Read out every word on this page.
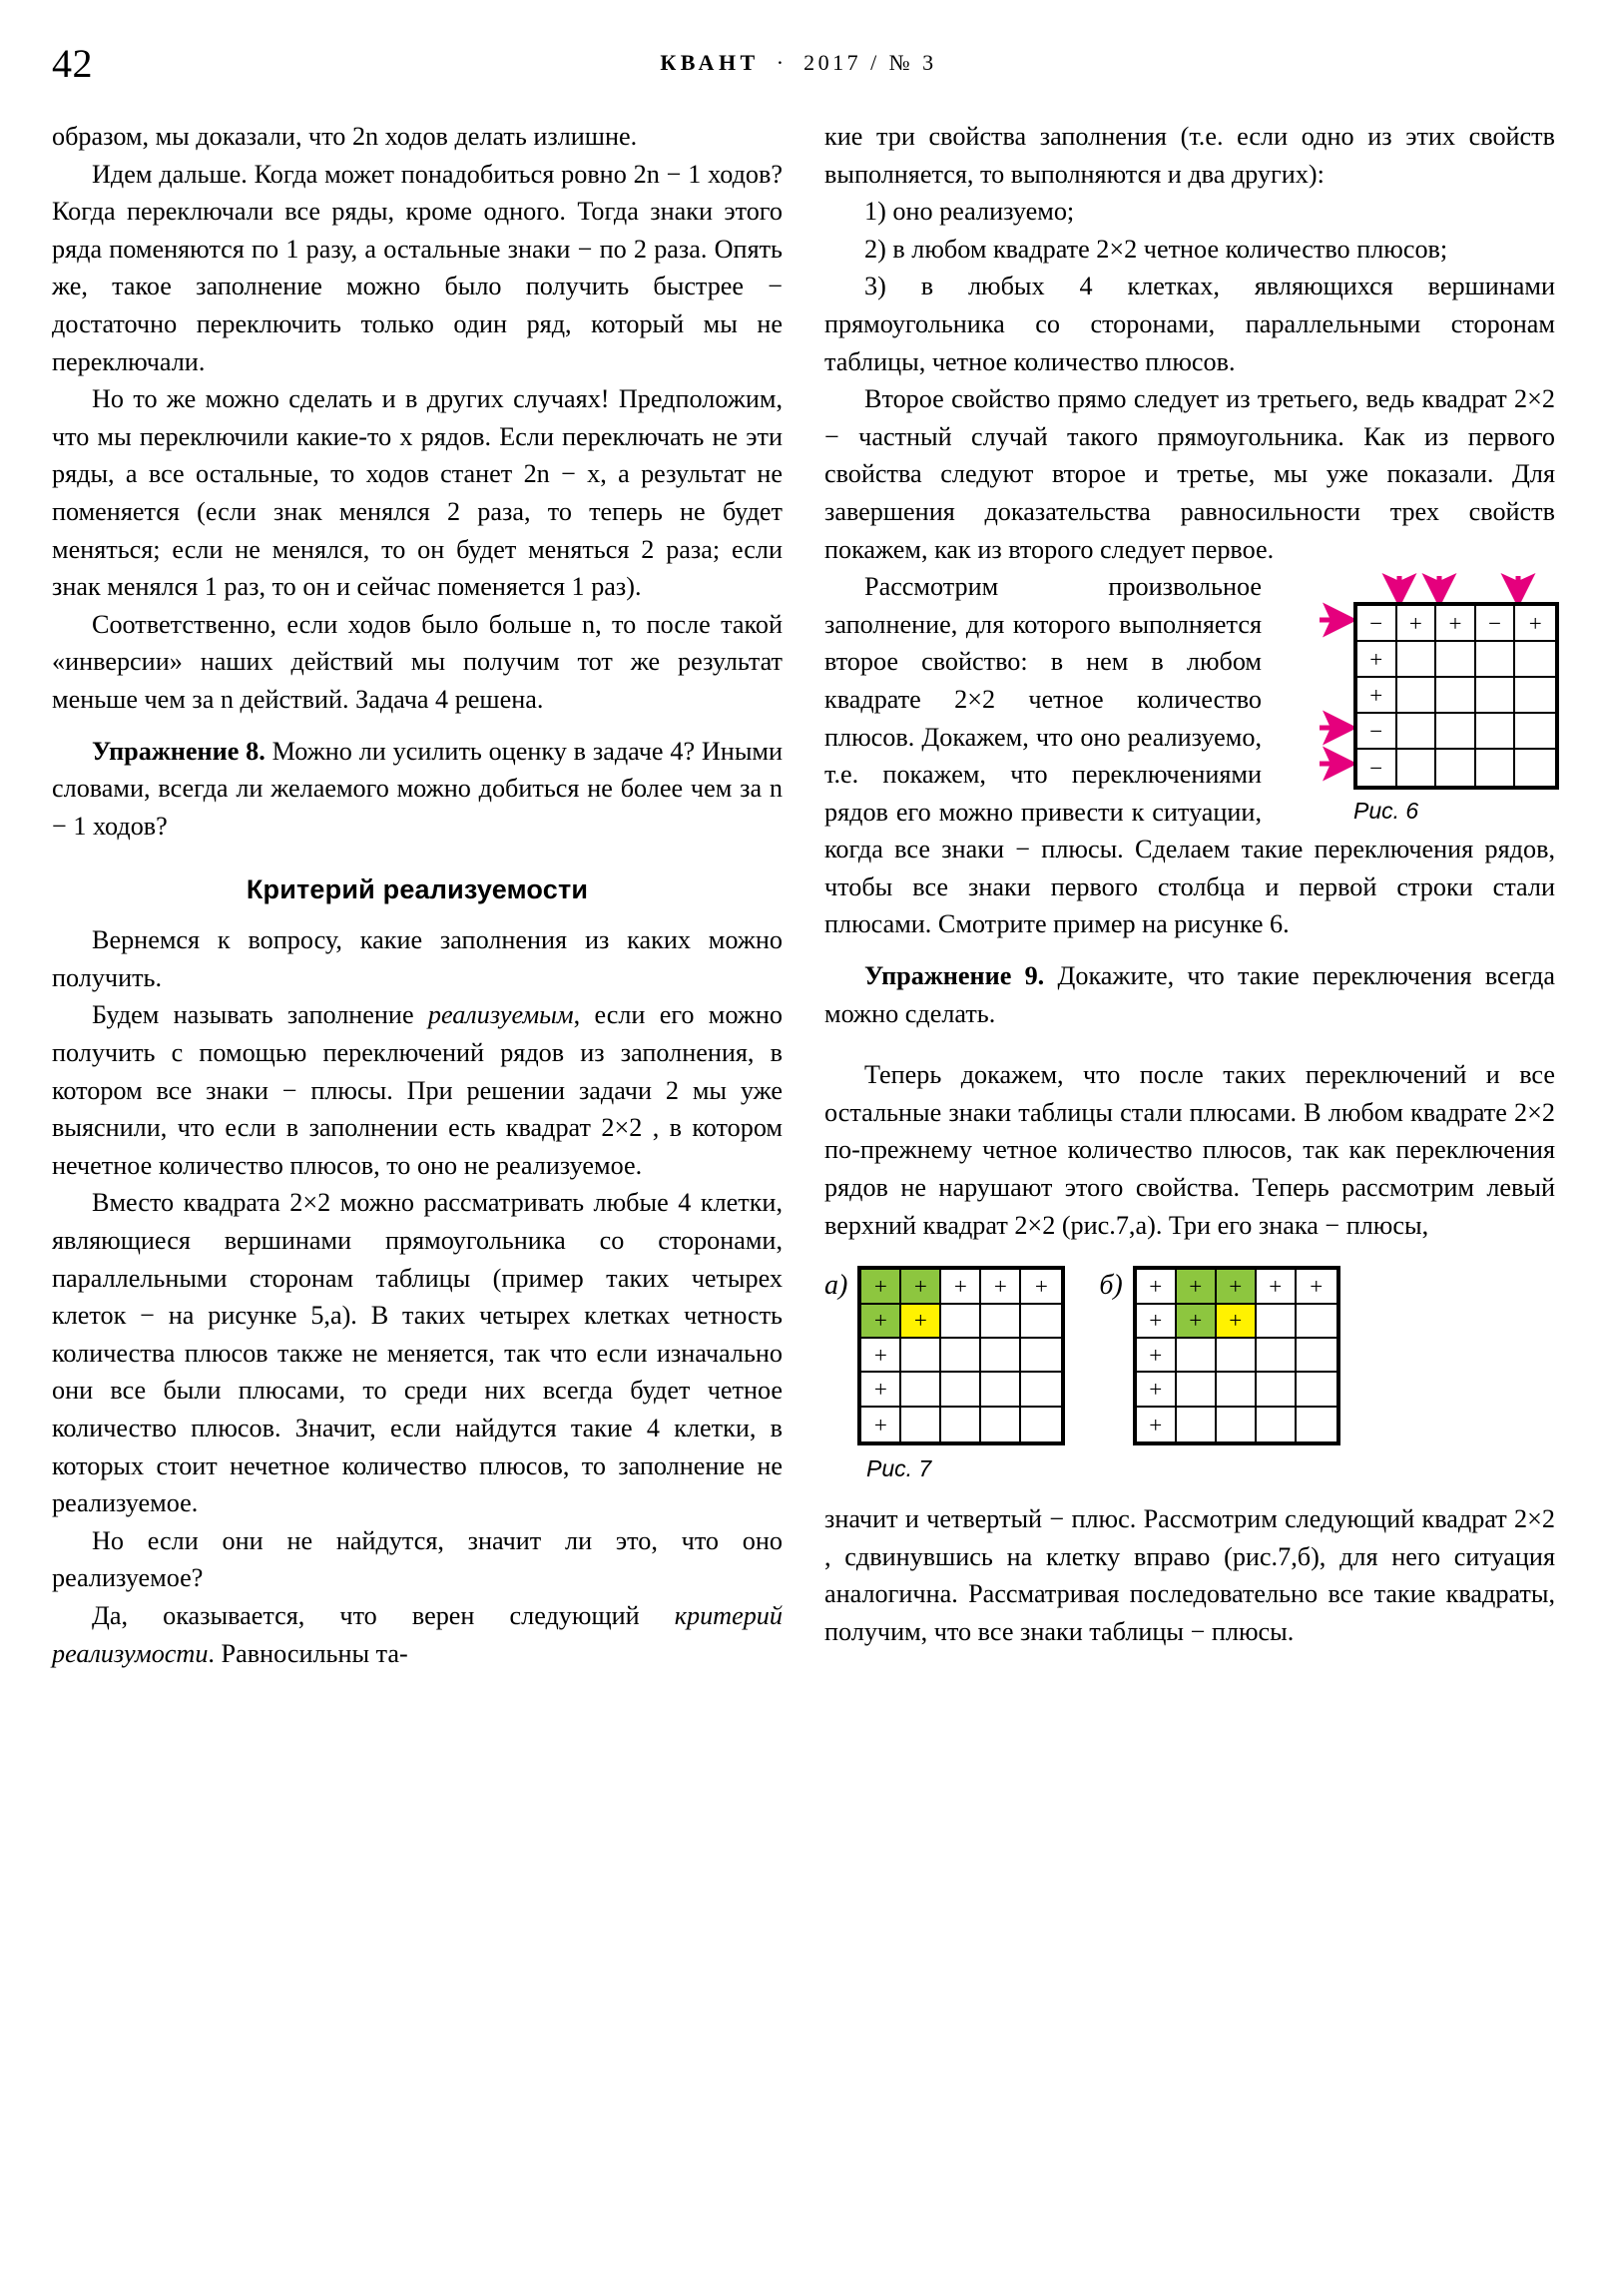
42	КВАНТ · 2017 / № 3

образом, мы доказали, что 2n ходов делать излишне.

Идем дальше. Когда может понадобиться ровно 2n − 1 ходов? Когда переключали все ряды, кроме одного. Тогда знаки этого ряда поменяются по 1 разу, а остальные знаки − по 2 раза. Опять же, такое заполнение можно было получить быстрее − достаточно переключить только один ряд, который мы не переключали.

Но то же можно сделать и в других случаях! Предположим, что мы переключили какие-то x рядов. Если переключать не эти ряды, а все остальные, то ходов станет 2n − x, а результат не поменяется (если знак менялся 2 раза, то теперь не будет меняться; если не менялся, то он будет меняться 2 раза; если знак менялся 1 раз, то он и сейчас поменяется 1 раз).

Соответственно, если ходов было больше n, то после такой «инверсии» наших действий мы получим тот же результат меньше чем за n действий. Задача 4 решена.

Упражнение 8. Можно ли усилить оценку в задаче 4? Иными словами, всегда ли желаемого можно добиться не более чем за n − 1 ходов?

Критерий реализуемости

Вернемся к вопросу, какие заполнения из каких можно получить.

Будем называть заполнение реализуемым, если его можно получить с помощью переключений рядов из заполнения, в котором все знаки − плюсы. При решении задачи 2 мы уже выяснили, что если в заполнении есть квадрат 2×2 , в котором нечетное количество плюсов, то оно не реализуемое.

Вместо квадрата 2×2 можно рассматривать любые 4 клетки, являющиеся вершинами прямоугольника со сторонами, параллельными сторонам таблицы (пример таких четырех клеток − на рисунке 5,а). В таких четырех клетках четность количества плюсов также не меняется, так что если изначально они все были плюсами, то среди них всегда будет четное количество плюсов. Значит, если найдутся такие 4 клетки, в которых стоит нечетное количество плюсов, то заполнение не реализуемое.

Но если они не найдутся, значит ли это, что оно реализуемое?

Да, оказывается, что верен следующий критерий реализумости. Равносильны та-

кие три свойства заполнения (т.е. если одно из этих свойств выполняется, то выполняются и два других):

1) оно реализуемо;

2) в любом квадрате 2×2 четное количество плюсов;

3) в любых 4 клетках, являющихся вершинами прямоугольника со сторонами, параллельными сторонам таблицы, четное количество плюсов.

Второе свойство прямо следует из третьего, ведь квадрат 2×2 − частный случай такого прямоугольника. Как из первого свойства следуют второе и третье, мы уже показали. Для завершения доказательства равносильности трех свойств покажем, как из второго следует первое.

−	+	+	−	+
+
+
−
−
Рис. 6

Рассмотрим произвольное заполнение, для которого выполняется второе свойство: в нем в любом квадрате 2×2 четное количество плюсов. Докажем, что оно реализуемо, т.е. покажем, что переключениями рядов его можно привести к ситуации, когда все знаки − плюсы. Сделаем такие переключения рядов, чтобы все знаки первого столбца и первой строки стали плюсами. Смотрите пример на рисунке 6.

Упражнение 9. Докажите, что такие переключения всегда можно сделать.

Теперь докажем, что после таких переключений и все остальные знаки таблицы стали плюсами. В любом квадрате 2×2 по-прежнему четное количество плюсов, так как переключения рядов не нарушают этого свойства. Теперь рассмотрим левый верхний квадрат 2×2 (рис.7,а). Три его знака − плюсы,

а)	+	+	+	+	+
+	+
+
+
+
б)	+	+	+	+	+
+	+	+
+
+
+
Рис. 7

значит и четвертый − плюс. Рассмотрим следующий квадрат 2×2 , сдвинувшись на клетку вправо (рис.7,б), для него ситуация аналогична. Рассматривая последовательно все такие квадраты, получим, что все знаки таблицы − плюсы.
